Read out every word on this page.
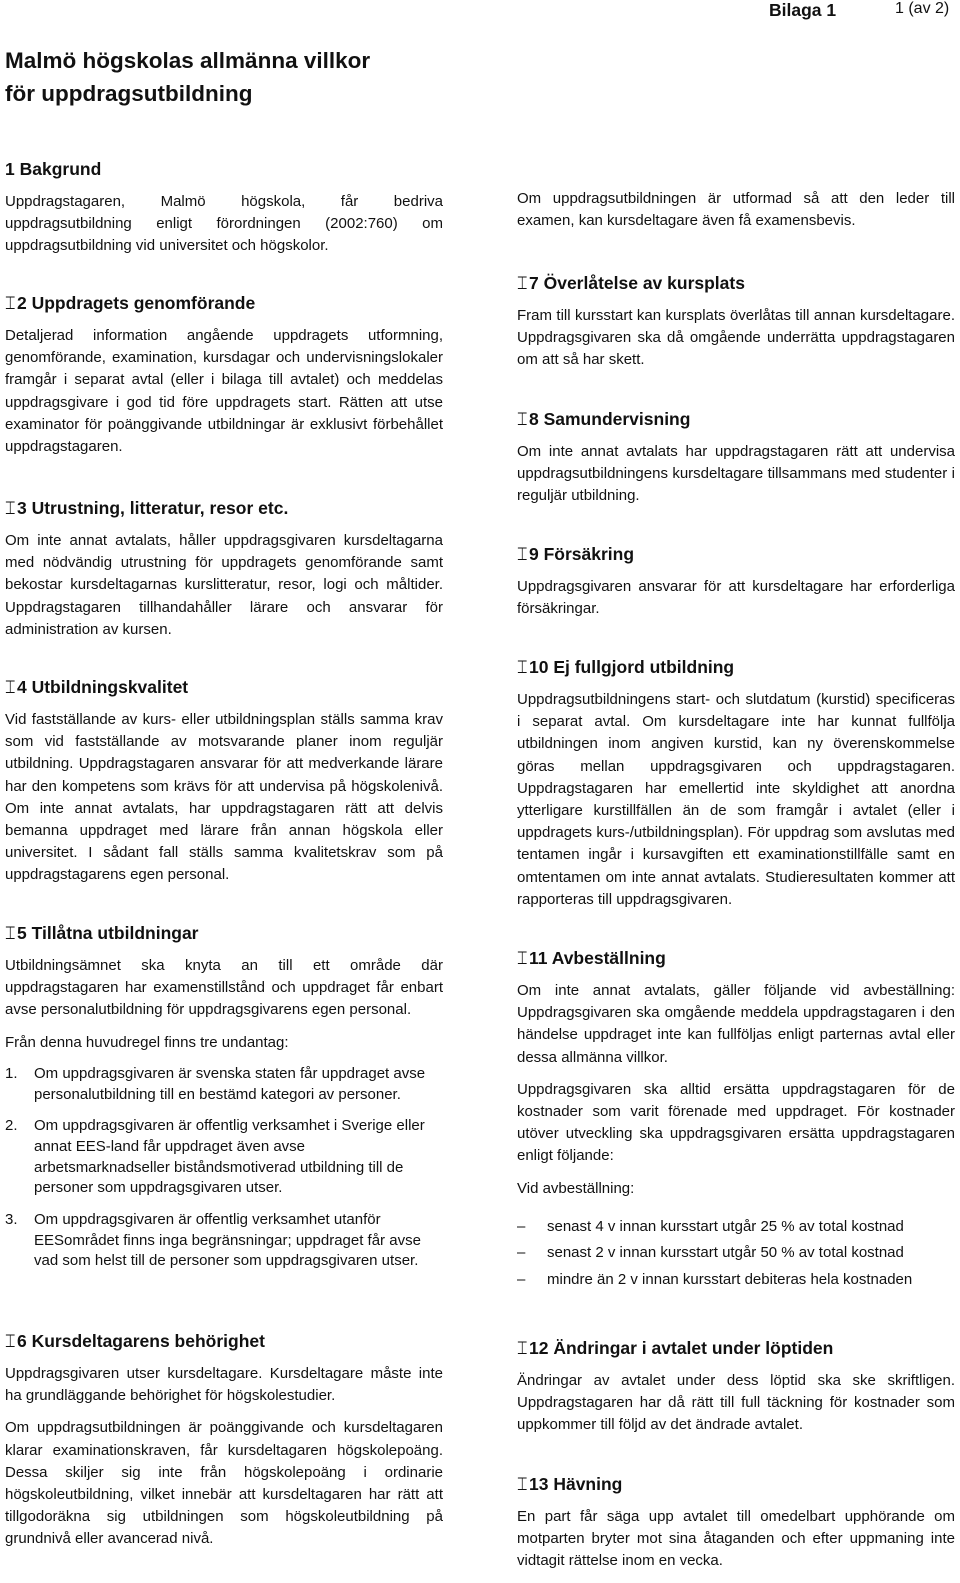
Bilaga 1	1 (av 2)
Malmö högskolas allmänna villkor
för uppdragsutbildning
1 Bakgrund

Uppdragstagaren, Malmö högskola, får bedriva uppdragsutbildning enligt förordningen (2002:760) om uppdragsutbildning vid universitet och högskolor.

⌶2 Uppdragets genomförande

Detaljerad information angående uppdragets utformning, genomförande, examination, kursdagar och undervisningslokaler framgår i separat avtal (eller i bilaga till avtalet) och meddelas uppdragsgivare i god tid före uppdragets start. Rätten att utse examinator för poänggivande utbildningar är exklusivt förbehållet uppdragstagaren.

⌶3 Utrustning, litteratur, resor etc.

Om inte annat avtalats, håller uppdragsgivaren kursdeltagarna med nödvändig utrustning för uppdragets genomförande samt bekostar kursdeltagarnas kurslitteratur, resor, logi och måltider. Uppdragstagaren tillhandahåller lärare och ansvarar för administration av kursen.

⌶4 Utbildningskvalitet

Vid fastställande av kurs- eller utbildningsplan ställs samma krav som vid fastställande av motsvarande planer inom reguljär utbildning. Uppdragstagaren ansvarar för att medverkande lärare har den kompetens som krävs för att undervisa på högskolenivå. Om inte annat avtalats, har uppdragstagaren rätt att delvis bemanna uppdraget med lärare från annan högskola eller universitet. I sådant fall ställs samma kvalitetskrav som på uppdragstagarens egen personal.

⌶5 Tillåtna utbildningar

Utbildningsämnet ska knyta an till ett område där uppdragstagaren har examenstillstånd och uppdraget får enbart avse personalutbildning för uppdragsgivarens egen personal.

Från denna huvudregel finns tre undantag:

1. Om uppdragsgivaren är svenska staten får uppdraget avse personalutbildning till en bestämd kategori av personer.
2. Om uppdragsgivaren är offentlig verksamhet i Sverige eller annat EES-land får uppdraget även avse arbetsmarknadseller biståndsmotiverad utbildning till de personer som uppdragsgivaren utser.
3. Om uppdragsgivaren är offentlig verksamhet utanför EESområdet finns inga begränsningar; uppdraget får avse vad som helst till de personer som uppdragsgivaren utser.
⌶6 Kursdeltagarens behörighet

Uppdragsgivaren utser kursdeltagare. Kursdeltagare måste inte ha grundläggande behörighet för högskolestudier.

Om uppdragsutbildningen är poänggivande och kursdeltagaren klarar examinationskraven, får kursdeltagaren högskolepoäng. Dessa skiljer sig inte från högskolepoäng i ordinarie högskoleutbildning, vilket innebär att kursdeltagaren har rätt att tillgodoräkna sig utbildningen som högskoleutbildning på grundnivå eller avancerad nivå.

Om uppdragsutbildningen är utformad så att den leder till examen, kan kursdeltagare även få examensbevis.

⌶7 Överlåtelse av kursplats

Fram till kursstart kan kursplats överlåtas till annan kursdeltagare. Uppdragsgivaren ska då omgående underrätta uppdragstagaren om att så har skett.

⌶8 Samundervisning

Om inte annat avtalats har uppdragstagaren rätt att undervisa uppdragsutbildningens kursdeltagare tillsammans med studenter i reguljär utbildning.

⌶9 Försäkring

Uppdragsgivaren ansvarar för att kursdeltagare har erforderliga försäkringar.

⌶10 Ej fullgjord utbildning

Uppdragsutbildningens start- och slutdatum (kurstid) specificeras i separat avtal. Om kursdeltagare inte har kunnat fullfölja utbildningen inom angiven kurstid, kan ny överenskommelse göras mellan uppdragsgivaren och uppdragstagaren. Uppdragstagaren har emellertid inte skyldighet att anordna ytterligare kurstillfällen än de som framgår i avtalet (eller i uppdragets kurs-/utbildningsplan). För uppdrag som avslutas med tentamen ingår i kursavgiften ett examinationstillfälle samt en omtentamen om inte annat avtalats. Studieresultaten kommer att rapporteras till uppdragsgivaren.

⌶11 Avbeställning

Om inte annat avtalats, gäller följande vid avbeställning: Uppdragsgivaren ska omgående meddela uppdragstagaren i den händelse uppdraget inte kan fullföljas enligt parternas avtal eller dessa allmänna villkor.

Uppdragsgivaren ska alltid ersätta uppdragstagaren för de kostnader som varit förenade med uppdraget. För kostnader utöver utveckling ska uppdragsgivaren ersätta uppdragstagaren enligt följande:

Vid avbeställning:

– senast 4 v innan kursstart utgår 25 % av total kostnad
– senast 2 v innan kursstart utgår 50 % av total kostnad
– mindre än 2 v innan kursstart debiteras hela kostnaden
⌶12 Ändringar i avtalet under löptiden

Ändringar av avtalet under dess löptid ska ske skriftligen. Uppdragstagaren har då rätt till full täckning för kostnader som uppkommer till följd av det ändrade avtalet.

⌶13 Hävning

En part får säga upp avtalet till omedelbart upphörande om motparten bryter mot sina åtaganden och efter uppmaning inte vidtagit rättelse inom en vecka.
